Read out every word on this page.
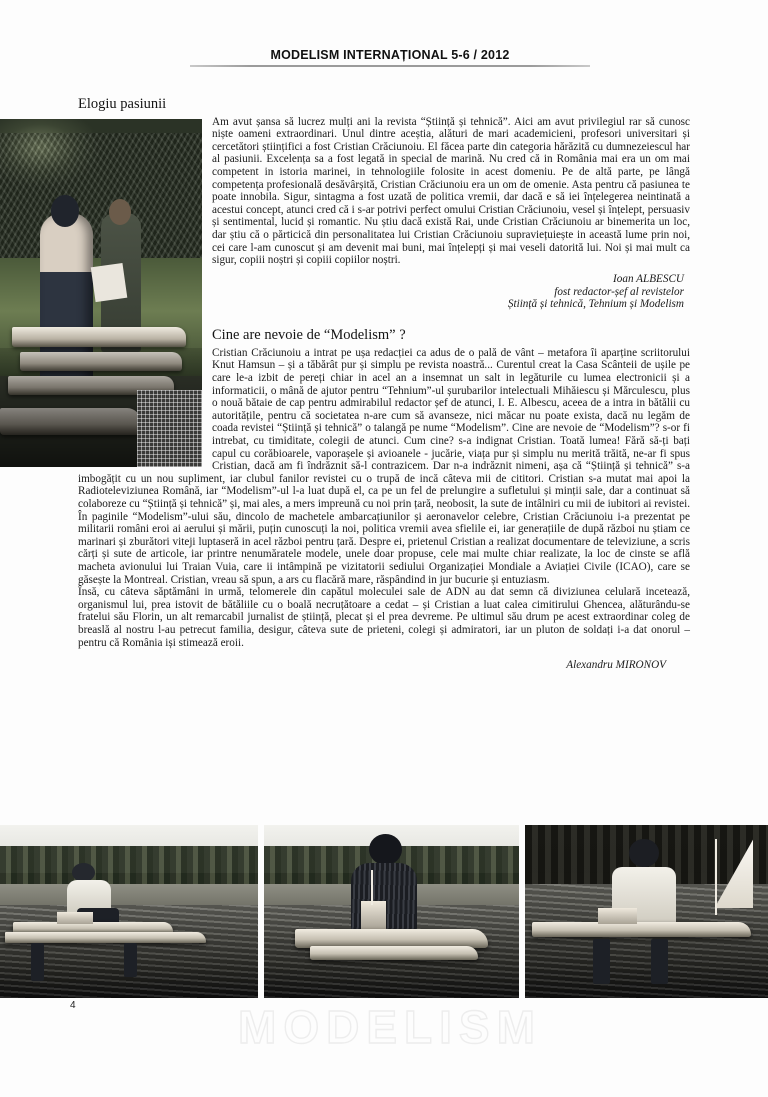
MODELISM INTERNAȚIONAL 5-6 / 2012
Elogiu pasiunii

Am avut șansa să lucrez mulți ani la revista “Știință și tehnică”. Aici am avut privilegiul rar să cunosc niște oameni extraordinari. Unul dintre aceștia, alături de mari academicieni, profesori universitari și cercetători științifici a fost Cristian Crăciunoiu. El făcea parte din categoria hărăzită cu dumnezeiescul har al pasiunii. Excelența sa a fost legată in special de marină. Nu cred că in România mai era un om mai competent in istoria marinei, in tehnologiile folosite in acest domeniu. Pe de altă parte, pe lângă competența profesională desăvârșită, Cristian Crăciunoiu era un om de omenie. Asta pentru că pasiunea te poate innobila. Sigur, sintagma a fost uzată de politica vremii, dar dacă e să iei înțelegerea neintinată a acestui concept, atunci cred că i s-ar potrivi perfect omului Cristian Crăciunoiu, vesel și înțelept, persuasiv și sentimental, lucid și romantic. Nu știu dacă există Rai, unde Cristian Crăciunoiu ar binemerita un loc, dar știu că o părticică din personalitatea lui Cristian Crăciunoiu supraviețuiește in această lume prin noi, cei care l-am cunoscut și am devenit mai buni, mai înțelepți și mai veseli datorită lui. Noi și mai mult ca sigur, copiii noștri și copiii copiilor noștri.

Ioan ALBESCU
fost redactor-șef al revistelor
Știință și tehnică, Tehnium și Modelism
Cine are nevoie de “Modelism” ?

Cristian Crăciunoiu a intrat pe ușa redacției ca adus de o pală de vânt – metafora îi aparține scriitorului Knut Hamsun – și a tăbărât pur și simplu pe revista noastră... Curentul creat la Casa Scânteii de ușile pe care le-a izbit de pereți chiar in acel an a insemnat un salt in legăturile cu lumea electronicii și a informaticii, o mână de ajutor pentru “Tehnium”-ul șurubarilor intelectuali Mihăiescu și Mărculescu, plus o nouă bătaie de cap pentru admirabilul redactor șef de atunci, I. E. Albescu, aceea de a intra in bătălii cu autoritățile, pentru că societatea n-are cum să avanseze, nici măcar nu poate exista, dacă nu legăm de coada revistei “Știință și tehnică” o talangă pe nume “Modelism”. Cine are nevoie de “Modelism”? s-or fi intrebat, cu timiditate, colegii de atunci. Cum cine? s-a indignat Cristian. Toată lumea! Fără să-ți bați capul cu corăbioarele, vaporașele și avioanele - jucărie, viața pur și simplu nu merită trăită, ne-ar fi spus Cristian, dacă am fi îndrăznit să-l contrazicem. Dar n-a indrăznit nimeni, așa că “Știință și tehnică” s-a imbogățit cu un nou supliment, iar clubul fanilor revistei cu o trupă de incă câteva mii de cititori. Cristian s-a mutat mai apoi la Radioteleviziunea Română, iar “Modelism”-ul l-a luat după el, ca pe un fel de prelungire a sufletului și minții sale, dar a continuat să colaboreze cu “Știință și tehnică” și, mai ales, a mers impreună cu noi prin țară, neobosit, la sute de intâlniri cu mii de iubitori ai revistei. În paginile “Modelism”-ului său, dincolo de machetele ambarcațiunilor și aeronavelor celebre, Cristian Crăciunoiu i-a prezentat pe militarii români eroi ai aerului și mării, puțin cunoscuți la noi, politica vremii avea sfielile ei, iar generațiile de după război nu știam ce marinari și zburători viteji luptaseră in acel război pentru țară. Despre ei, prietenul Cristian a realizat documentare de televiziune, a scris cărți și sute de articole, iar printre nenumăratele modele, unele doar propuse, cele mai multe chiar realizate, la loc de cinste se află macheta avionului lui Traian Vuia, care ii intâmpină pe vizitatorii sediului Organizației Mondiale a Aviației Civile (ICAO), care se găsește la Montreal. Cristian, vreau să spun, a ars cu flacără mare, răspândind in jur bucurie și entuziasm.

Însă, cu câteva săptămâni in urmă, telomerele din capătul moleculei sale de ADN au dat semn că diviziunea celulară incetează, organismul lui, prea istovit de bătăliile cu o boală necruțătoare a cedat – și Cristian a luat calea cimitirului Ghencea, alăturându-se fratelui său Florin, un alt remarcabil jurnalist de știință, plecat și el prea devreme. Pe ultimul său drum pe acest extraordinar coleg de breaslă al nostru l-au petrecut familia, desigur, câteva sute de prieteni, colegi și admiratori, iar un pluton de soldați i-a dat onorul – pentru că România iși stimează eroii.

Alexandru MIRONOV
4	MODELISM
